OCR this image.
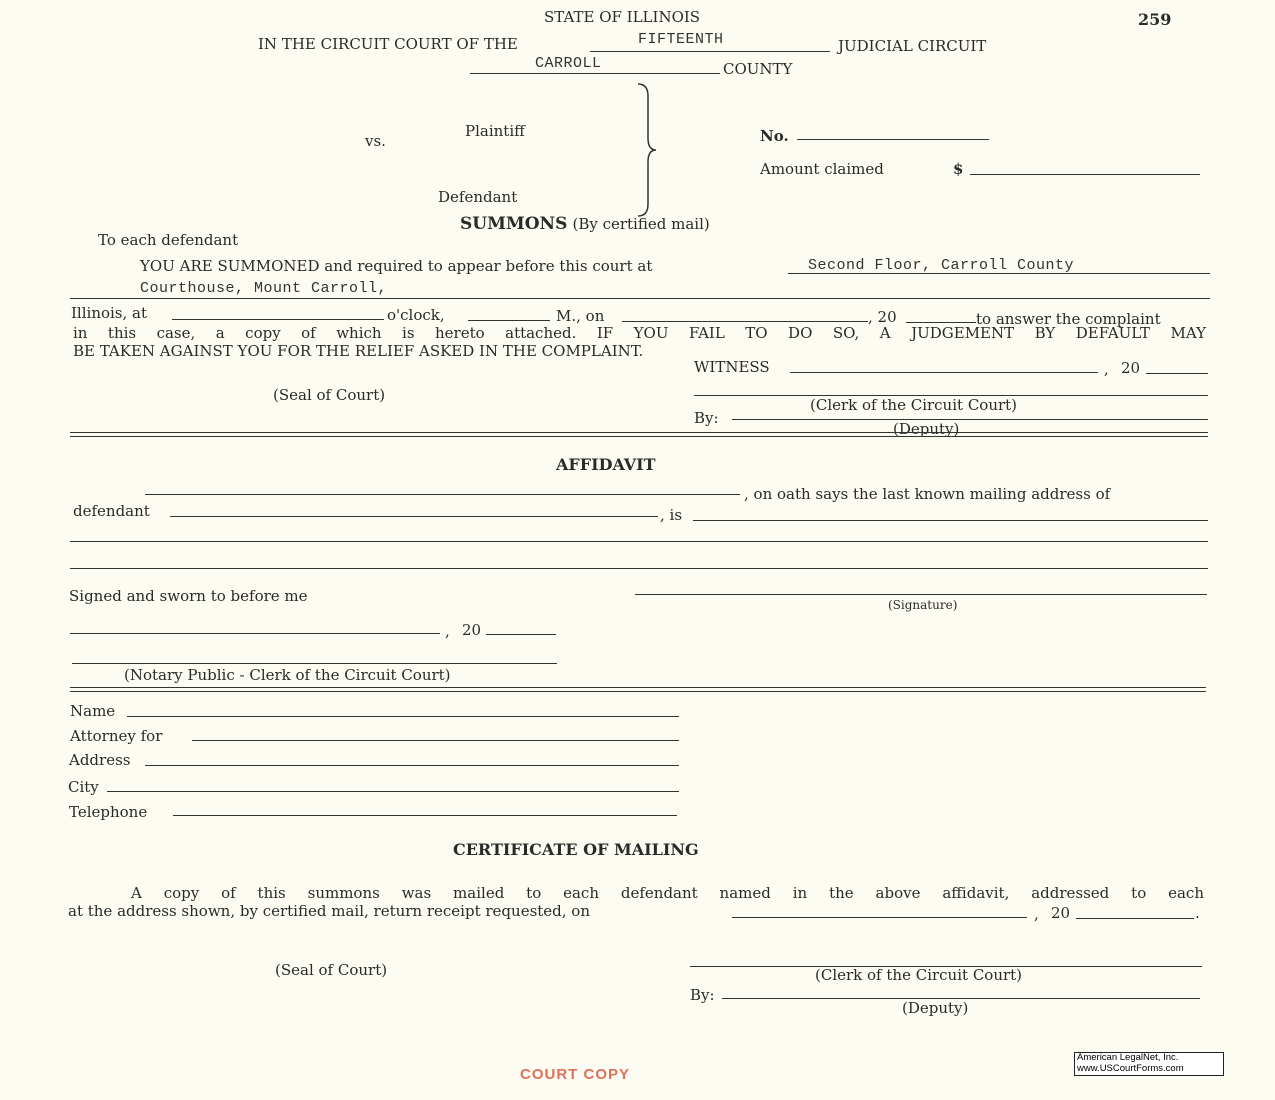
STATE OF ILLINOIS	259
IN THE CIRCUIT COURT OF THE	FIFTEENTH	JUDICIAL CIRCUIT
CARROLL	COUNTY
Plaintiff
vs.
Defendant
No.
Amount claimed	$
SUMMONS (By certified mail)
To each defendant
YOU ARE SUMMONED and required to appear before this court at	Second Floor, Carroll County
Courthouse, Mount Carroll,
Illinois, at	o'clock,	M., on	, 20	to answer the complaint
in this case, a copy of which is hereto attached. IF YOU FAIL TO DO SO, A JUDGEMENT BY DEFAULT MAY
BE TAKEN AGAINST YOU FOR THE RELIEF ASKED IN THE COMPLAINT.
WITNESS	, 20
(Seal of Court)
(Clerk of the Circuit Court)
By:
(Deputy)
AFFIDAVIT
, on oath says the last known mailing address of
defendant	, is
Signed and sworn to before me	(Signature)
, 20
(Notary Public - Clerk of the Circuit Court)
Name
Attorney for
Address
City
Telephone
CERTIFICATE OF MAILING
A copy of this summons was mailed to each defendant named in the above affidavit, addressed to each
at the address shown, by certified mail, return receipt requested, on	, 20	.
(Seal of Court)	(Clerk of the Circuit Court)
By:
(Deputy)
COURT COPY
American LegalNet, Inc.
www.USCourtForms.com
